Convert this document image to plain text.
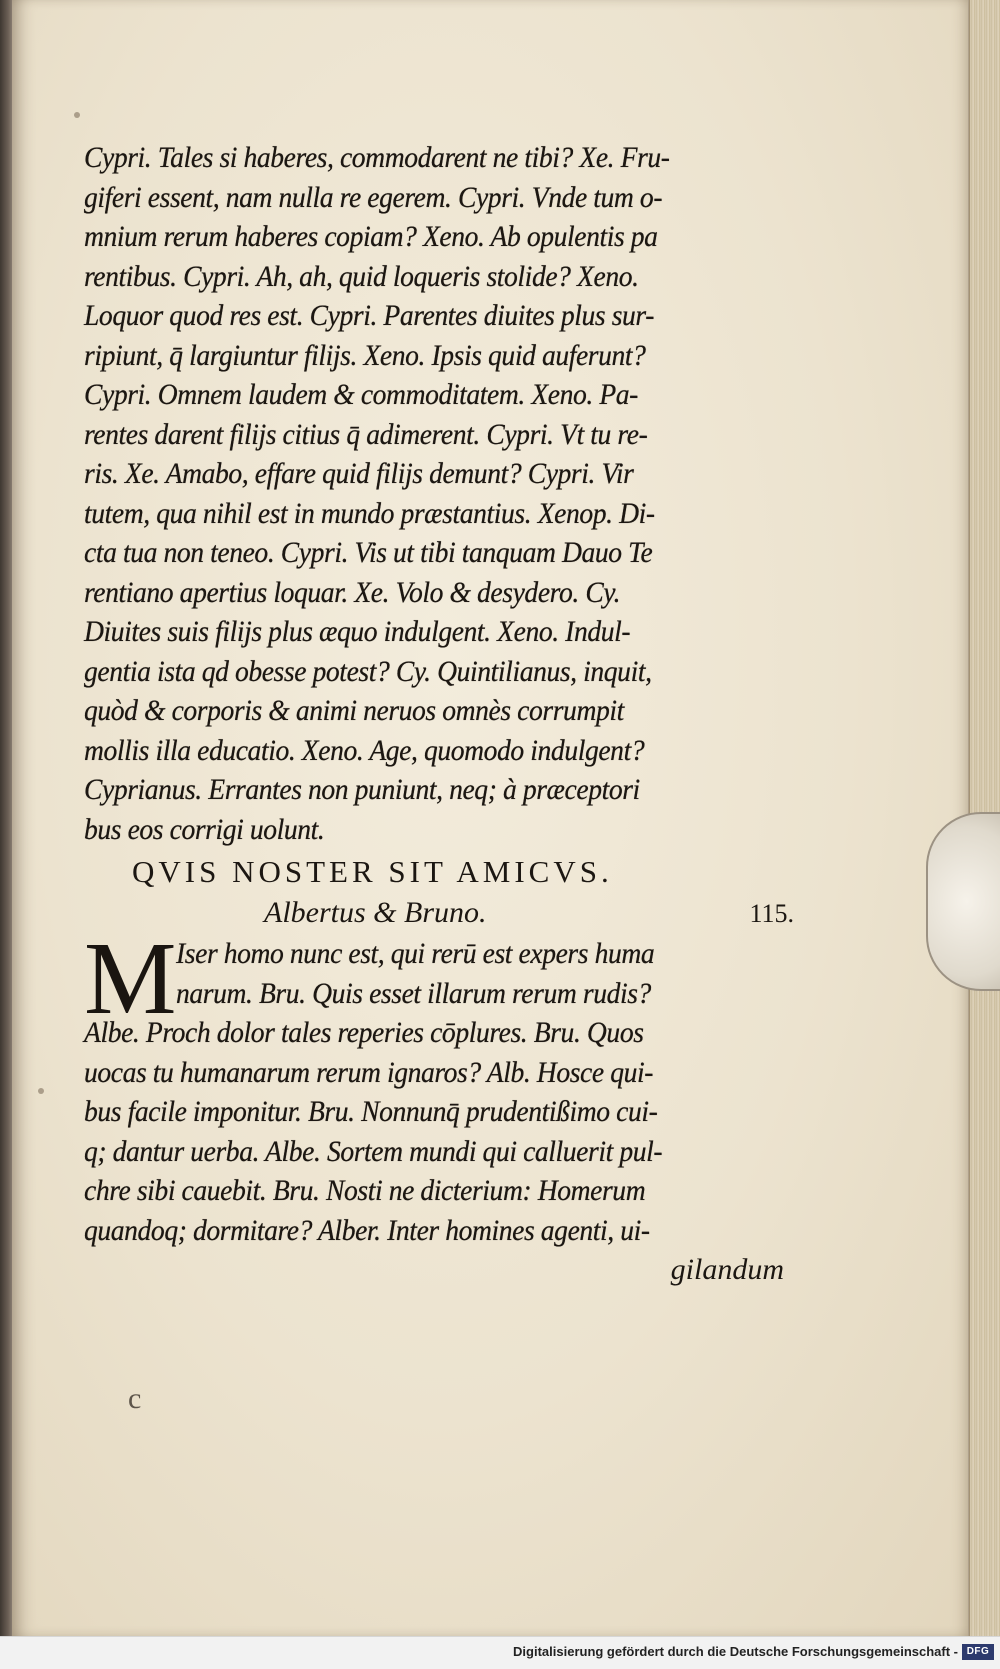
Cypri. Tales si haberes, commodarent ne tibi? Xe. Fru-
giferi essent, nam nulla re egerem. Cypri. Vnde tum o-
mnium rerum haberes copiam? Xeno. Ab opulentis pa
rentibus. Cypri. Ah, ah, quid loqueris stolide? Xeno.
Loquor quod res est. Cypri. Parentes diuites plus sur-
ripiunt, q̄ largiuntur filijs. Xeno. Ipsis quid auferunt?
Cypri. Omnem laudem & commoditatem. Xeno. Pa-
rentes darent filijs citius q̄ adimerent. Cypri. Vt tu re-
ris. Xe. Amabo, effare quid filijs demunt? Cypri. Vir
tutem, qua nihil est in mundo præstantius. Xenop. Di-
cta tua non teneo. Cypri. Vis ut tibi tanquam Dauo Te
rentiano apertius loquar. Xe. Volo & desydero. Cy.
Diuites suis filijs plus æquo indulgent. Xeno. Indul-
gentia ista qd obesse potest? Cy. Quintilianus, inquit,
quòd & corporis & animi neruos omnès corrumpit
mollis illa educatio. Xeno. Age, quomodo indulgent?
Cyprianus. Errantes non puniunt, neq; à præceptori
bus eos corrigi uolunt.
QVIS NOSTER SIT AMICVS.
Albertus & Bruno.	115.
M Iser homo nunc est, qui rerū est expers huma
narum. Bru. Quis esset illarum rerum rudis?
Albe. Proch dolor tales reperies cōplures. Bru. Quos
uocas tu humanarum rerum ignaros? Alb. Hosce qui-
bus facile imponitur. Bru. Nonnunq̄ prudentißimo cui-
q; dantur uerba. Albe. Sortem mundi qui calluerit pul-
chre sibi cauebit. Bru. Nosti ne dicterium: Homerum
quandoq; dormitare? Alber. Inter homines agenti, ui-
gilandum
c
Digitalisierung gefördert durch die Deutsche Forschungsgemeinschaft - DFG
